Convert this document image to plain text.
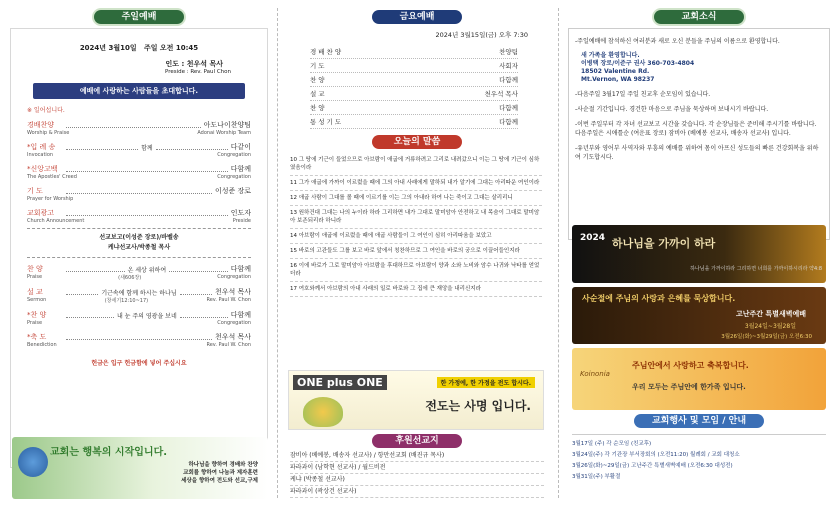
주일예배
2024년 3월10일 주일 오전 10:45
인도 : 천우석 목사
Preside : Rev. Paul Chon
예배에 사랑하는 사람들을 초대합니다.
※ 일어섭니다.
경배찬양	아도나이찬양팀
Worship & Praise	Adonai Worship Team
*입 례 송	함께	다같이
Invocation	Congregation
*신앙고백	다함께
The Apostles' Creed	Congregation
기 도	이성준 장로
Prayer for Worship
교회광고	인도자
Church Announcement	Preside
선교보고(이성준 장로)/바벨송
케냐선교사/박종철 목사
찬 양	온 세상 위하여	다함께
Praise	(새606장)	Congregation
설 교	기근속에 함께 하시는 하나님	천우석 목사
Sermon	(창세기12:10~17)	Rev. Paul W. Chon
*찬 양	내 눈 주의 영광을 보네	다함께
Praise	Congregation
*축 도	천우석 목사
Benediction	Rev. Paul W. Chon
헌금은 입구 헌금함에 넣어 주십시요
교회는 행복의 시작입니다.
하나님을 향하여 경배와 찬양
교회를 향하여 나눔과 제자훈련
세상을 향하여 전도와 선교,구제
금요예배
2024년 3월15일(금) 오후 7:30
경배찬양	찬양팀
기도	사회자
찬양	다함께
설교	천우석 목사
찬양	다함께
통성기도	다함께
오늘의 말씀
10 그 땅에 기근이 들었으므로 아브람이 애굽에 거류하려고 그리로 내려갔으니 이는 그 땅에 기근이 심하였음이라
11 그가 애굽에 가까이 이르렀을 때에 그의 아내 사래에게 말하되 내가 알기에 그대는 아리따운 여인이라
12 애굽 사람이 그대를 볼 때에 이르기를 이는 그의 아내라 하여 나는 죽이고 그대는 살리리니
13 원하건대 그대는 나의 누이라 하라 그리하면 내가 그대로 말미암아 안전하고 내 목숨이 그대로 말미암아 보존되리라 하니라
14 아브람이 애굽에 이르렀을 때에 애굽 사람들이 그 여인이 심히 아리따움을 보았고
15 바로의 고관들도 그를 보고 바로 앞에서 칭찬하므로 그 여인을 바로의 궁으로 이끌어들인지라
16 이에 바로가 그로 말미암아 아브람을 후대하므로 아브람이 양과 소와 노비와 암수 나귀와 낙타를 얻었더라
17 여호와께서 아브람의 아내 사래의 일로 바로와 그 집에 큰 재앙을 내리신지라
ONE plus ONE	한 가정에, 한 가정을 전도 합시다.
전도는 사명 입니다.
후원선교지
잠비아 (베예봉, 배송자 선교사) / 항만선교회 (배진규 목사)
파라과이 (남학현 선교사) / 월드비전
케냐 (박종철 선교사)
파라과이 (곽상건 선교사)
교회소식

-주일예배에 참석하신 여러분과 새로 오신 분들을 주님의 이름으로 환영합니다.

새 가족을 환영합니다.
이병택 장로/이준구 권사 360-703-4804
18502 Valentine Rd.
Mt.Vernon, WA 98237

-다음주일 3월17일 주일 친교후 순모임이 있습니다.

-사순절 기간입니다. 경건한 마음으로 주님을 묵상하며 보내시기 바랍니다.

-이번 주일부터 각 자녀 선교보고 시간을 갖습니다. 각 순장님들은 준비해 주시기를 바랍니다. 다음주일은 시애틀순 (여운표 장로) 잠비아 (베예봉 선교사, 배송자 선교사) 입니다.

-유년부와 영어부 사역자와 부흥의 예배를 위하여 몸이 아프신 성도들의 빠른 건강회복을 위하여 기도합시다.

2024 하나님을 가까이 하라
하나님을 가까이하라 그리하면 너희를 가까이하시리라 약4:8
사순절에 주님의 사랑과 은혜를 묵상합니다.
고난주간 특별새벽예배
3월24일~3월28일
3월26일(화)~3월29일(금) 오전6:30
Koinonia
주님안에서 사랑하고 축복합니다.
우리 모두는 주님안에 한가족 입니다.
교회행사 및 모임 / 안내
3월17일 (주) 각 순모임 (친교후)
3월24일(주) 각 기관장 부서장회의 (오전11:20) 월례회 / 교회 대청소
3월26일(화)~29일(금) 고난주간 특별새벽예배 (오전6:30 대성전)
3월31일(주) 부활절
